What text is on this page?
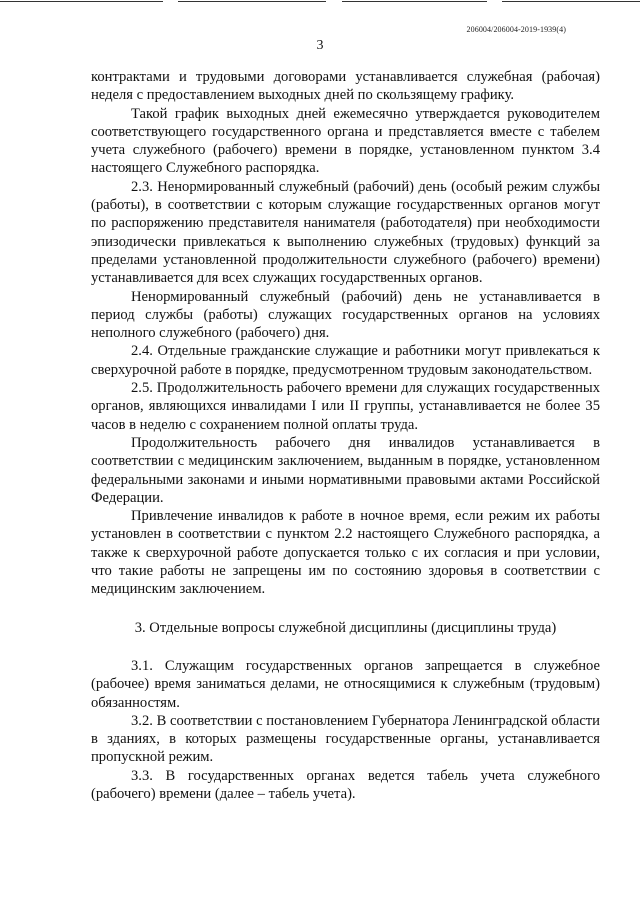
206004/206004-2019-1939(4)
3

контрактами и трудовыми договорами устанавливается служебная (рабочая) неделя с предоставлением выходных дней по скользящему графику.

Такой график выходных дней ежемесячно утверждается руководителем соответствующего государственного органа и представляется вместе с табелем учета служебного (рабочего) времени в порядке, установленном пунктом 3.4 настоящего Служебного распорядка.

2.3. Ненормированный служебный (рабочий) день (особый режим службы (работы), в соответствии с которым служащие государственных органов могут по распоряжению представителя нанимателя (работодателя) при необходимости эпизодически привлекаться к выполнению служебных (трудовых) функций за пределами установленной продолжительности служебного (рабочего) времени) устанавливается для всех служащих государственных органов.

Ненормированный служебный (рабочий) день не устанавливается в период службы (работы) служащих государственных органов на условиях неполного служебного (рабочего) дня.

2.4. Отдельные гражданские служащие и работники могут привлекаться к сверхурочной работе в порядке, предусмотренном трудовым законодательством.

2.5. Продолжительность рабочего времени для служащих государственных органов, являющихся инвалидами I или II группы, устанавливается не более 35 часов в неделю с сохранением полной оплаты труда.

Продолжительность рабочего дня инвалидов устанавливается в соответствии с медицинским заключением, выданным в порядке, установленном федеральными законами и иными нормативными правовыми актами Российской Федерации.

Привлечение инвалидов к работе в ночное время, если режим их работы установлен в соответствии с пунктом 2.2 настоящего Служебного распорядка, а также к сверхурочной работе допускается только с их согласия и при условии, что такие работы не запрещены им по состоянию здоровья в соответствии с медицинским заключением.

3. Отдельные вопросы служебной дисциплины (дисциплины труда)

3.1. Служащим государственных органов запрещается в служебное (рабочее) время заниматься делами, не относящимися к служебным (трудовым) обязанностям.

3.2. В соответствии с постановлением Губернатора Ленинградской области в зданиях, в которых размещены государственные органы, устанавливается пропускной режим.

3.3. В государственных органах ведется табель учета служебного (рабочего) времени (далее – табель учета).
